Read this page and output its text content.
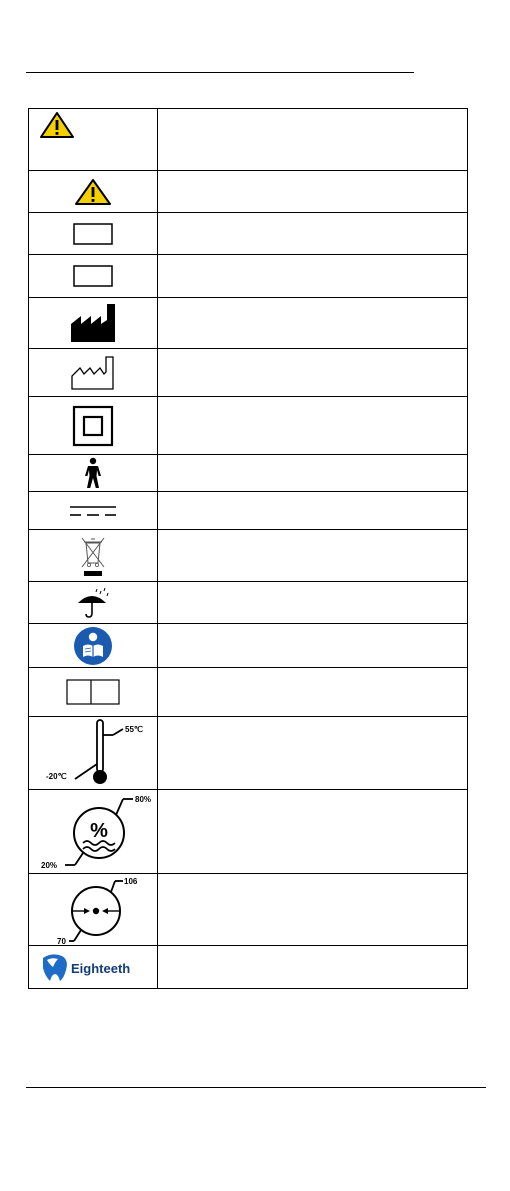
55℃
-20℃	

%
80%
20%	

106
70	

Eighteeth	
